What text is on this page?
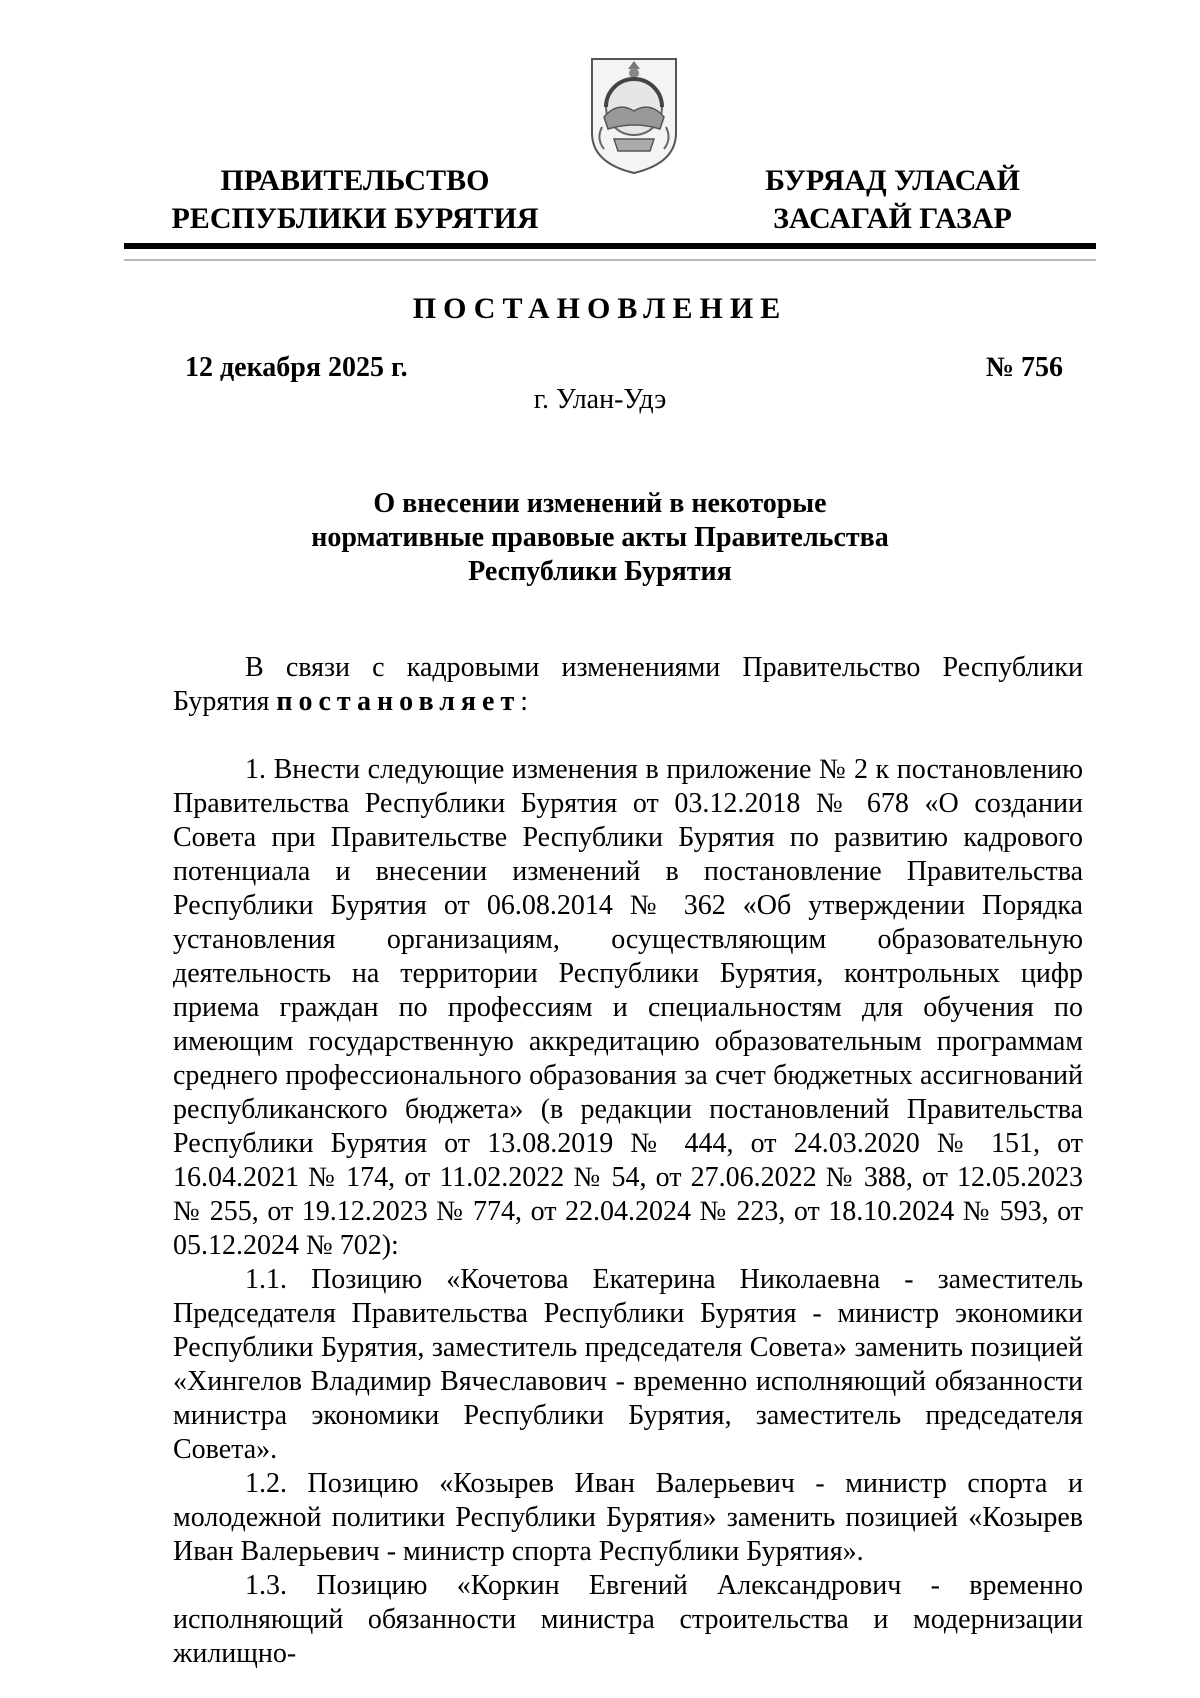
ПРАВИТЕЛЬСТВО
РЕСПУБЛИКИ БУРЯТИЯ
БУРЯАД УЛАСАЙ
ЗАСАГАЙ ГАЗАР
ПОСТАНОВЛЕНИЕ
12 декабря 2025 г.	№ 756
г. Улан-Удэ
О внесении изменений в некоторые
нормативные правовые акты Правительства
Республики Бурятия

В связи с кадровыми изменениями Правительство Республики Бурятия постановляет:

1. Внести следующие изменения в приложение № 2 к постановлению Правительства Республики Бурятия от 03.12.2018 № 678 «О создании Совета при Правительстве Республики Бурятия по развитию кадрового потенциала и внесении изменений в постановление Правительства Республики Бурятия от 06.08.2014 № 362 «Об утверждении Порядка установления организациям, осуществляющим образовательную деятельность на территории Республики Бурятия, контрольных цифр приема граждан по профессиям и специальностям для обучения по имеющим государственную аккредитацию образовательным программам среднего профессионального образования за счет бюджетных ассигнований республиканского бюджета» (в редакции постановлений Правительства Республики Бурятия от 13.08.2019 № 444, от 24.03.2020 № 151, от 16.04.2021 № 174, от 11.02.2022 № 54, от 27.06.2022 № 388, от 12.05.2023 № 255, от 19.12.2023 № 774, от 22.04.2024 № 223, от 18.10.2024 № 593, от 05.12.2024 № 702):

1.1. Позицию «Кочетова Екатерина Николаевна - заместитель Председателя Правительства Республики Бурятия - министр экономики Республики Бурятия, заместитель председателя Совета» заменить позицией «Хингелов Владимир Вячеславович - временно исполняющий обязанности министра экономики Республики Бурятия, заместитель председателя Совета».

1.2. Позицию «Козырев Иван Валерьевич - министр спорта и молодежной политики Республики Бурятия» заменить позицией «Козырев Иван Валерьевич - министр спорта Республики Бурятия».

1.3. Позицию «Коркин Евгений Александрович - временно исполняющий обязанности министра строительства и модернизации жилищно-
